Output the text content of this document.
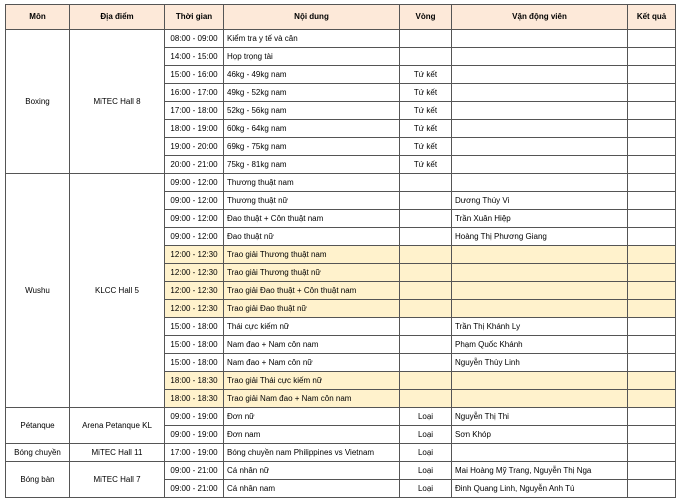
Môn	Địa điểm	Thời gian	Nội dung	Vòng	Vận động viên	Kết quả
Boxing	MiTEC Hall 8	08:00 - 09:00	Kiểm tra y tế và cân			
		14:00 - 15:00	Họp trọng tài			
		15:00 - 16:00	46kg - 49kg nam	Tứ kết		
		16:00 - 17:00	49kg - 52kg nam	Tứ kết		
		17:00 - 18:00	52kg - 56kg nam	Tứ kết		
		18:00 - 19:00	60kg - 64kg nam	Tứ kết		
		19:00 - 20:00	69kg - 75kg nam	Tứ kết		
		20:00 - 21:00	75kg - 81kg nam	Tứ kết		
Wushu	KLCC Hall 5	09:00 - 12:00	Thương thuật nam			
		09:00 - 12:00	Thương thuật nữ		Dương Thúy Vi	
		09:00 - 12:00	Đao thuật + Côn thuật nam		Trần Xuân Hiệp	
		09:00 - 12:00	Đao thuật nữ		Hoàng Thị Phương Giang	
		12:00 - 12:30	Trao giải Thương thuật nam			
		12:00 - 12:30	Trao giải Thương thuật nữ			
		12:00 - 12:30	Trao giải Đao thuật + Côn thuật nam			
		12:00 - 12:30	Trao giải Đao thuật nữ			
		15:00 - 18:00	Thái cực kiếm nữ		Trần Thị Khánh Ly	
		15:00 - 18:00	Nam đao + Nam côn nam		Phạm Quốc Khánh	
		15:00 - 18:00	Nam đao + Nam côn nữ		Nguyễn Thùy Linh	
		18:00 - 18:30	Trao giải Thái cực kiếm nữ			
		18:00 - 18:30	Trao giải Nam đao + Nam côn nam			
Pétanque	Arena Petanque KL	09:00 - 19:00	Đơn nữ	Loại	Nguyễn Thị Thi	
		09:00 - 19:00	Đơn nam	Loại	Sơn Khóp	
Bóng chuyền	MiTEC Hall 11	17:00 - 19:00	Bóng chuyền nam Philippines vs Vietnam	Loại		
Bóng bàn	MiTEC Hall 7	09:00 - 21:00	Cá nhân nữ	Loại	Mai Hoàng Mỹ Trang, Nguyễn Thị Nga	
		09:00 - 21:00	Cá nhân nam	Loại	Đinh Quang Linh, Nguyễn Anh Tú	
